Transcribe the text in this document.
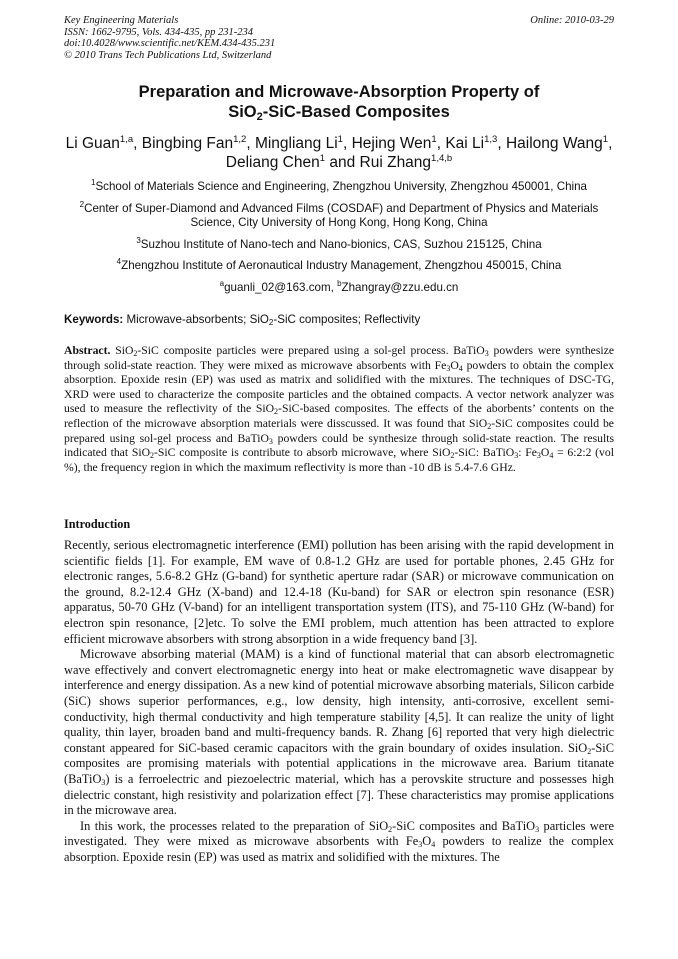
Key Engineering Materials
ISSN: 1662-9795, Vols. 434-435, pp 231-234
doi:10.4028/www.scientific.net/KEM.434-435.231
© 2010 Trans Tech Publications Ltd, Switzerland
Online: 2010-03-29
Preparation and Microwave-Absorption Property of
SiO$_2$-SiC-Based Composites
Li Guan$^{1,a}$, Bingbing Fan$^{1,2}$, Mingliang Li$^1$, Hejing Wen$^1$, Kai Li$^{1,3}$, Hailong Wang$^1$, Deliang Chen$^1$ and Rui Zhang$^{1,4,b}$

$^1$School of Materials Science and Engineering, Zhengzhou University, Zhengzhou 450001, China

$^2$Center of Super-Diamond and Advanced Films (COSDAF) and Department of Physics and Materials Science, City University of Hong Kong, Hong Kong, China

$^3$Suzhou Institute of Nano-tech and Nano-bionics, CAS, Suzhou 215125, China

$^4$Zhengzhou Institute of Aeronautical Industry Management, Zhengzhou 450015, China

$^a$guanli_02@163.com, $^b$Zhangray@zzu.edu.cn

Keywords: Microwave-absorbents; SiO$_2$-SiC composites; Reflectivity
Abstract. SiO$_2$-SiC composite particles were prepared using a sol-gel process. BaTiO$_3$ powders were synthesize through solid-state reaction. They were mixed as microwave absorbents with $Fe_3O_4$ powders to obtain the complex absorption. Epoxide resin (EP) was used as matrix and solidified with the mixtures. The techniques of DSC-TG, XRD were used to characterize the composite particles and the obtained compacts. A vector network analyzer was used to measure the reflectivity of the SiO$_2$-SiC-based composites. The effects of the aborbents’ contents on the reflection of the microwave absorption materials were disscussed. It was found that SiO$_2$-SiC composites could be prepared using sol-gel process and BaTiO$_3$ powders could be synthesize through solid-state reaction. The results indicated that SiO$_2$-SiC composite is contribute to absorb microwave, where SiO$_2$-SiC: BaTiO$_3$: $Fe_3O_4$ = 6:2:2 (vol %), the frequency region in which the maximum reflectivity is more than -10 dB is 5.4-7.6 GHz.
Introduction

Recently, serious electromagnetic interference (EMI) pollution has been arising with the rapid development in scientific fields [1]. For example, EM wave of 0.8-1.2 GHz are used for portable phones, 2.45 GHz for electronic ranges, 5.6-8.2 GHz (G-band) for synthetic aperture radar (SAR) or microwave communication on the ground, 8.2-12.4 GHz (X-band) and 12.4-18 (Ku-band) for SAR or electron spin resonance (ESR) apparatus, 50-70 GHz (V-band) for an intelligent transportation system (ITS), and 75-110 GHz (W-band) for electron spin resonance, [2]etc. To solve the EMI problem, much attention has been attracted to explore efficient microwave absorbers with strong absorption in a wide frequency band [3].

Microwave absorbing material (MAM) is a kind of functional material that can absorb electromagnetic wave effectively and convert electromagnetic energy into heat or make electromagnetic wave disappear by interference and energy dissipation. As a new kind of potential microwave absorbing materials, Silicon carbide (SiC) shows superior performances, e.g., low density, high intensity, anti-corrosive, excellent semi-conductivity, high thermal conductivity and high temperature stability [4,5]. It can realize the unity of light quality, thin layer, broaden band and multi-frequency bands. R. Zhang [6] reported that very high dielectric constant appeared for SiC-based ceramic capacitors with the grain boundary of oxides insulation. SiO$_2$-SiC composites are promising materials with potential applications in the microwave area. Barium titanate (BaTiO$_3$) is a ferroelectric and piezoelectric material, which has a perovskite structure and possesses high dielectric constant, high resistivity and polarization effect [7]. These characteristics may promise applications in the microwave area.

In this work, the processes related to the preparation of SiO$_2$-SiC composites and BaTiO$_3$ particles were investigated. They were mixed as microwave absorbents with $Fe_3O_4$ powders to realize the complex absorption. Epoxide resin (EP) was used as matrix and solidified with the mixtures. The
